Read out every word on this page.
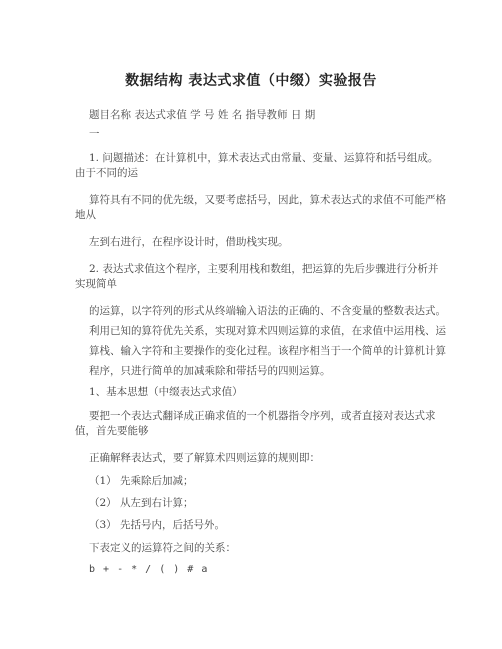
数据结构 表达式求值（中缀）实验报告
题目名称 表达式求值 学 号 姓 名 指导教师 日 期
一
1. 问题描述：在计算机中，算术表达式由常量、变量、运算符和括号组成。
由于不同的运
算符具有不同的优先级，又要考虑括号，因此，算术表达式的求值不可能严格
地从
左到右进行，在程序设计时，借助栈实现。
2. 表达式求值这个程序，主要利用栈和数组，把运算的先后步骤进行分析并
实现简单
的运算，以字符列的形式从终端输入语法的正确的、不含变量的整数表达式。
利用已知的算符优先关系，实现对算术四则运算的求值，在求值中运用栈、运
算栈、输入字符和主要操作的变化过程。该程序相当于一个简单的计算机计算
程序，只进行简单的加减乘除和带括号的四则运算。
1、基本思想（中缀表达式求值）
要把一个表达式翻译成正确求值的一个机器指令序列，或者直接对表达式求
值，首先要能够
正确解释表达式，要了解算术四则运算的规则即：
（1） 先乘除后加减；
（2） 从左到右计算；
（3） 先括号内，后括号外。
下表定义的运算符之间的关系：
b + - * / ( ) # a
